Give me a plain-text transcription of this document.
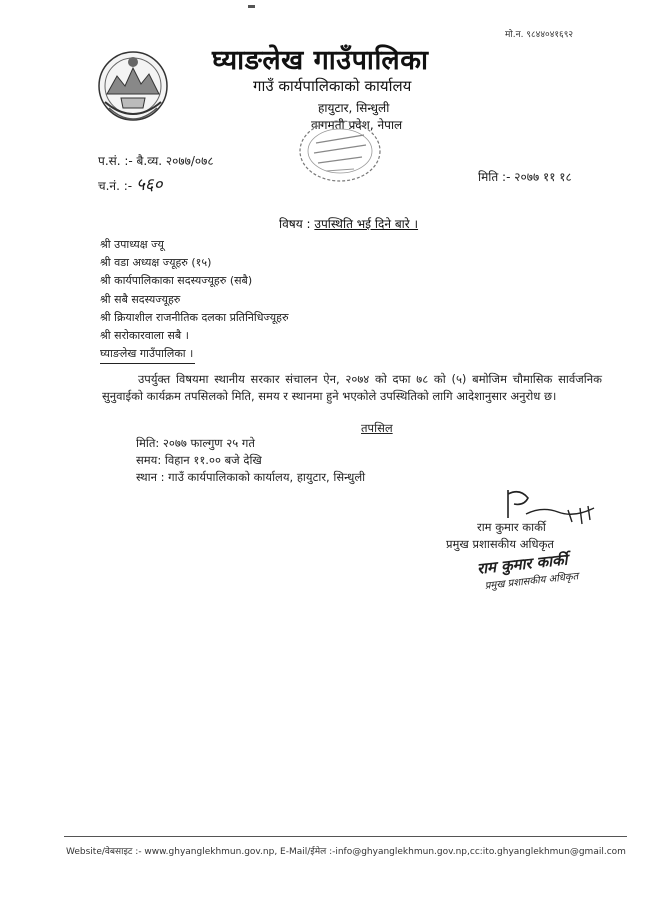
मो.न. ९८४४०४१६९२
घ्याङलेख गाउँपालिका
गाउँ कार्यपालिकाको कार्यालय
हायुटार, सिन्धुली
वागमती प्रदेश, नेपाल
प.सं. :- बै.व्य. २०७७/०७८
च.नं. :- ५६०	मिति :- २०७७ ११ १८
विषय : उपस्थिति भई दिने बारे ।
श्री उपाध्यक्ष ज्यू
श्री वडा अध्यक्ष ज्यूहरु (१५)
श्री कार्यपालिकाका सदस्यज्यूहरु (सबै)
श्री सबै सदस्यज्यूहरु
श्री क्रियाशील राजनीतिक दलका प्रतिनिधिज्यूहरु
श्री सरोकारवाला सबै ।
घ्याङलेख गाउँपालिका ।
उपर्युक्त विषयमा स्थानीय सरकार संचालन ऐन, २०७४ को दफा ७८ को (५) बमोजिम चौमासिक सार्वजनिक सुनुवाईको कार्यक्रम तपसिलको मिति, समय र स्थानमा हुने भएकोले उपस्थितिको लागि आदेशानुसार अनुरोध छ।
तपसिल
मिति: २०७७ फाल्गुण २५ गते
समय: विहान ११.०० बजे देखि
स्थान : गाउँ कार्यपालिकाको कार्यालय, हायुटार, सिन्धुली
राम कुमार कार्की
प्रमुख प्रशासकीय अधिकृत
राम कुमार कार्की
प्रमुख प्रशासकीय अधिकृत
Website/वेबसाइट :- www.ghyanglekhmun.gov.np, E-Mail/ईमेल :-info@ghyanglekhmun.gov.np,cc:ito.ghyanglekhmun@gmail.com
